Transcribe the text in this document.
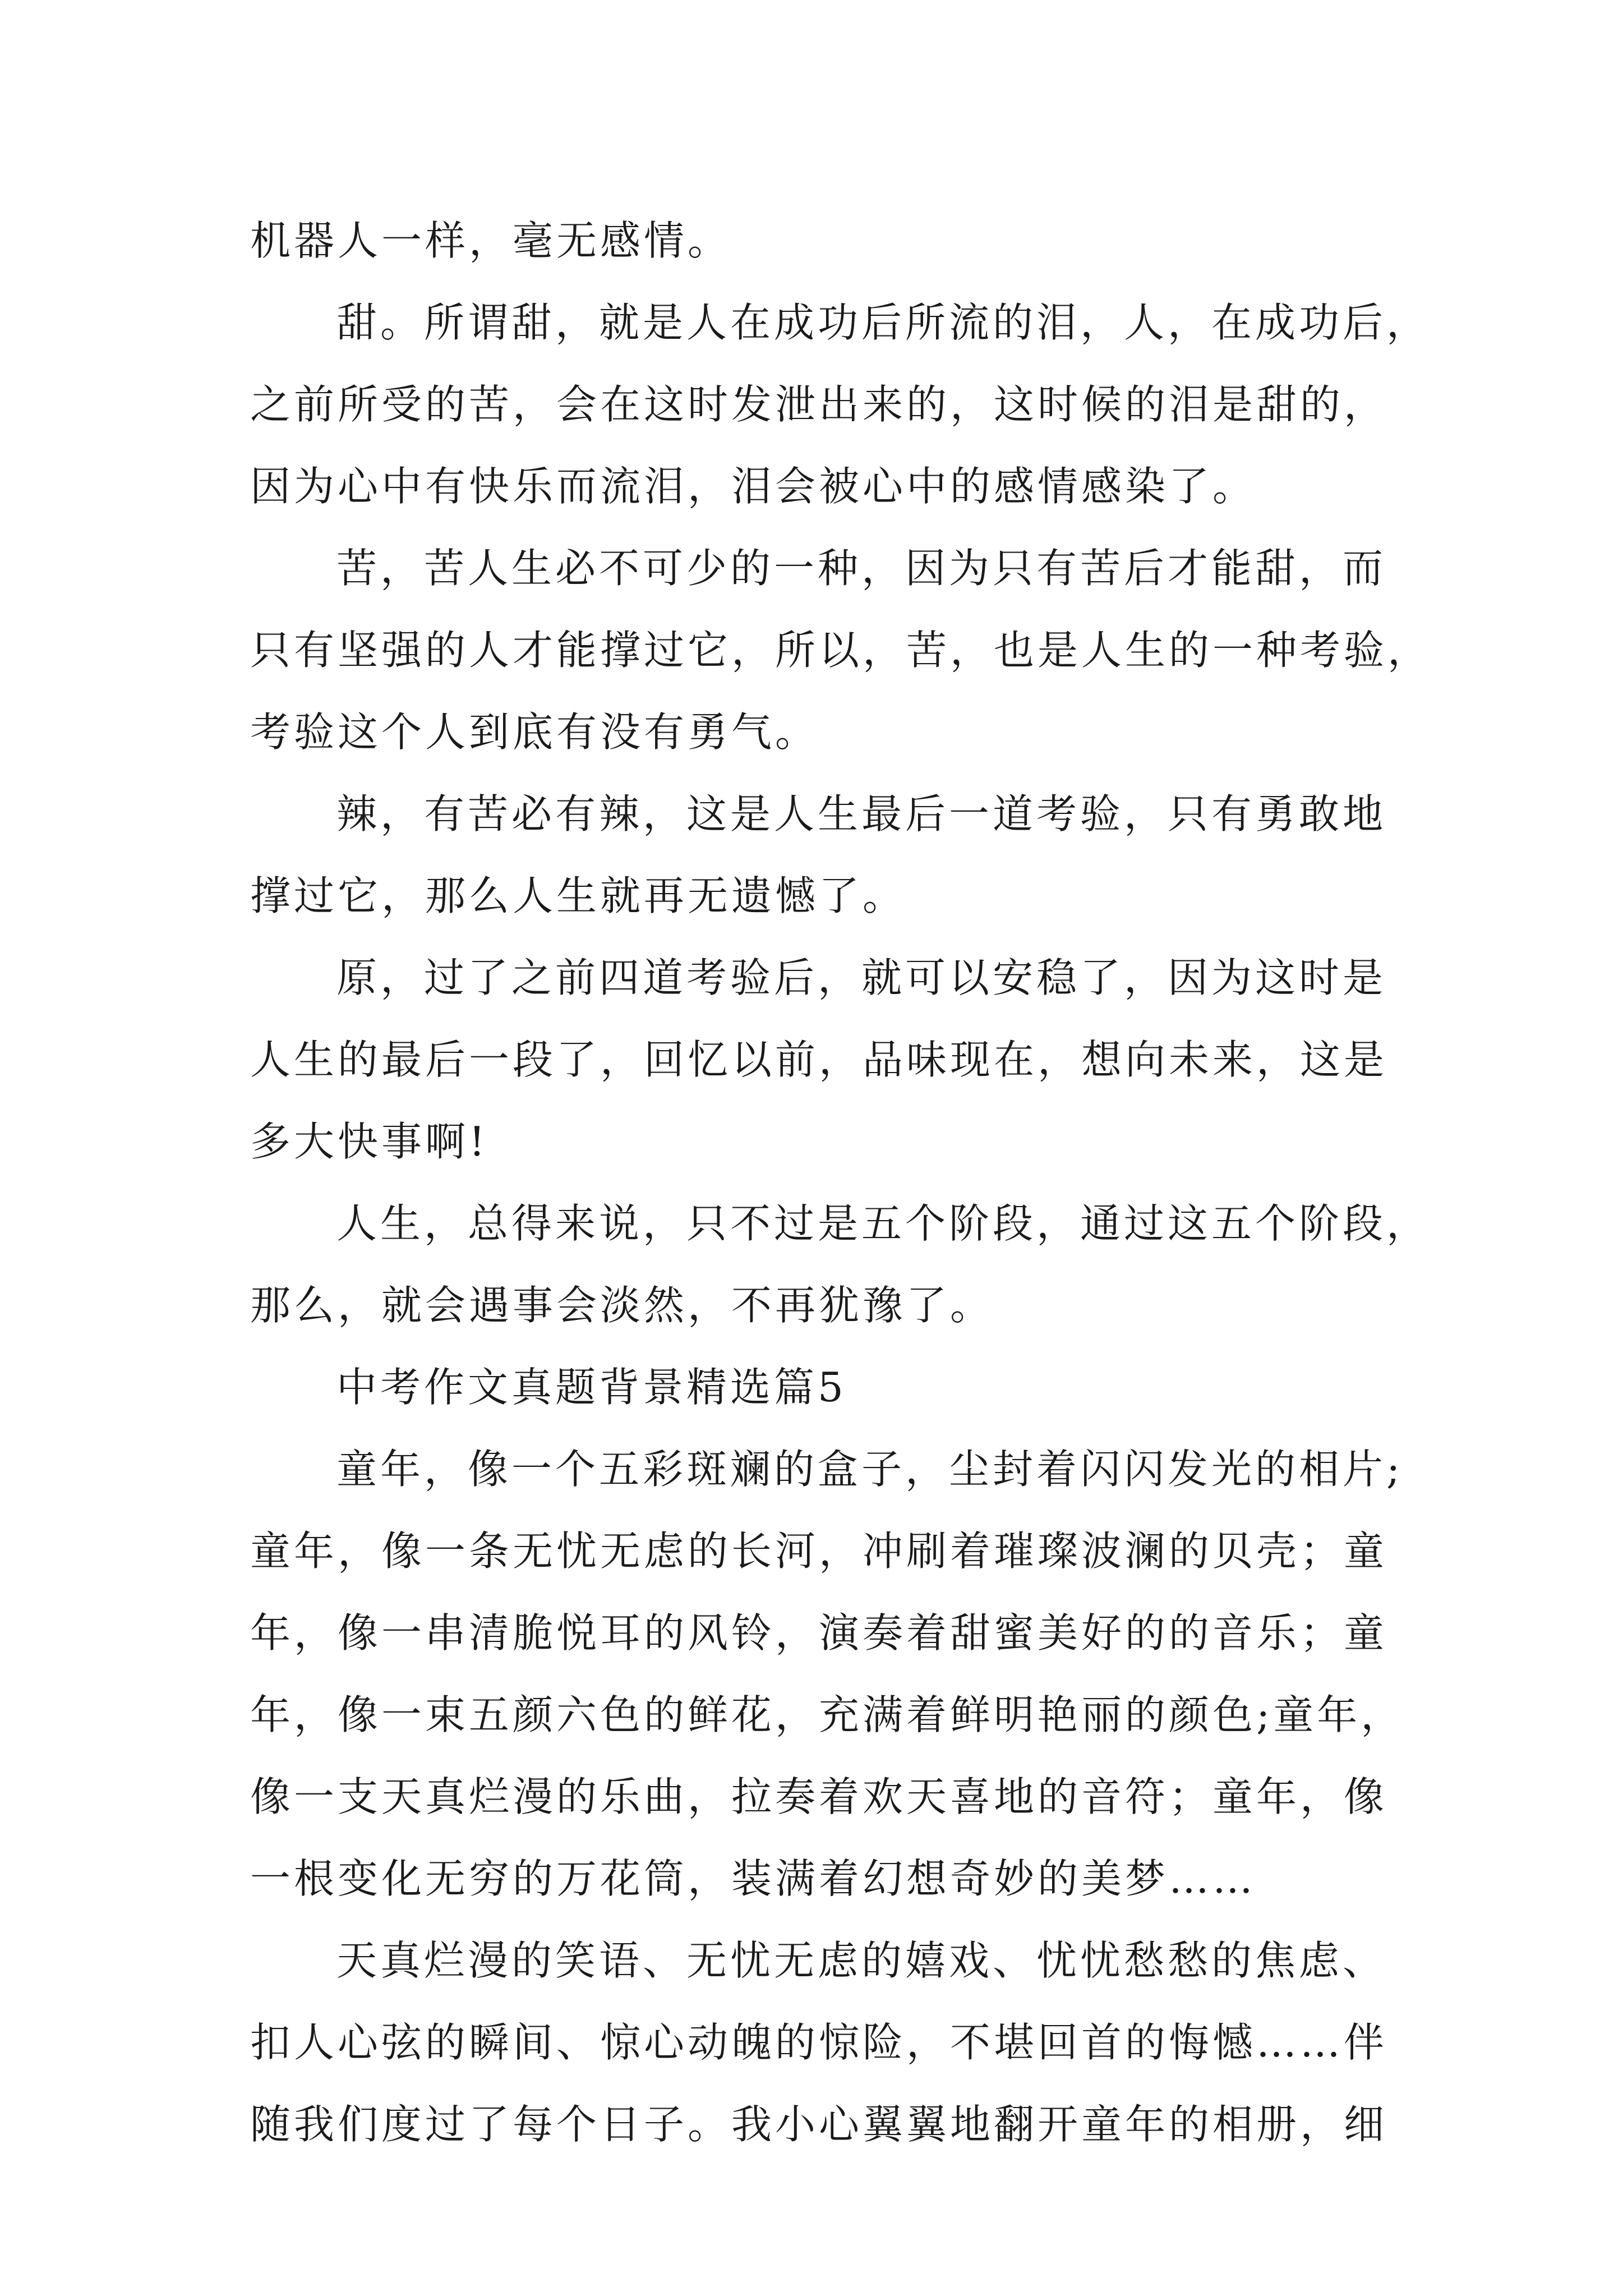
机器人一样，毫无感情。
甜。所谓甜，就是人在成功后所流的泪，人，在成功后，
之前所受的苦，会在这时发泄出来的，这时候的泪是甜的，
因为心中有快乐而流泪，泪会被心中的感情感染了。
苦，苦人生必不可少的一种，因为只有苦后才能甜，而
只有坚强的人才能撑过它，所以，苦，也是人生的一种考验，
考验这个人到底有没有勇气。
辣，有苦必有辣，这是人生最后一道考验，只有勇敢地
撑过它，那么人生就再无遗憾了。
原，过了之前四道考验后，就可以安稳了，因为这时是
人生的最后一段了，回忆以前，品味现在，想向未来，这是
多大快事啊!
人生，总得来说，只不过是五个阶段，通过这五个阶段，
那么，就会遇事会淡然，不再犹豫了。
中考作文真题背景精选篇5
童年，像一个五彩斑斓的盒子，尘封着闪闪发光的相片;
童年，像一条无忧无虑的长河，冲刷着璀璨波澜的贝壳；童
年，像一串清脆悦耳的风铃，演奏着甜蜜美好的的音乐；童
年，像一束五颜六色的鲜花，充满着鲜明艳丽的颜色;童年，
像一支天真烂漫的乐曲，拉奏着欢天喜地的音符；童年，像
一根变化无穷的万花筒，装满着幻想奇妙的美梦……
天真烂漫的笑语、无忧无虑的嬉戏、忧忧愁愁的焦虑、
扣人心弦的瞬间、惊心动魄的惊险，不堪回首的悔憾……伴
随我们度过了每个日子。我小心翼翼地翻开童年的相册，细
